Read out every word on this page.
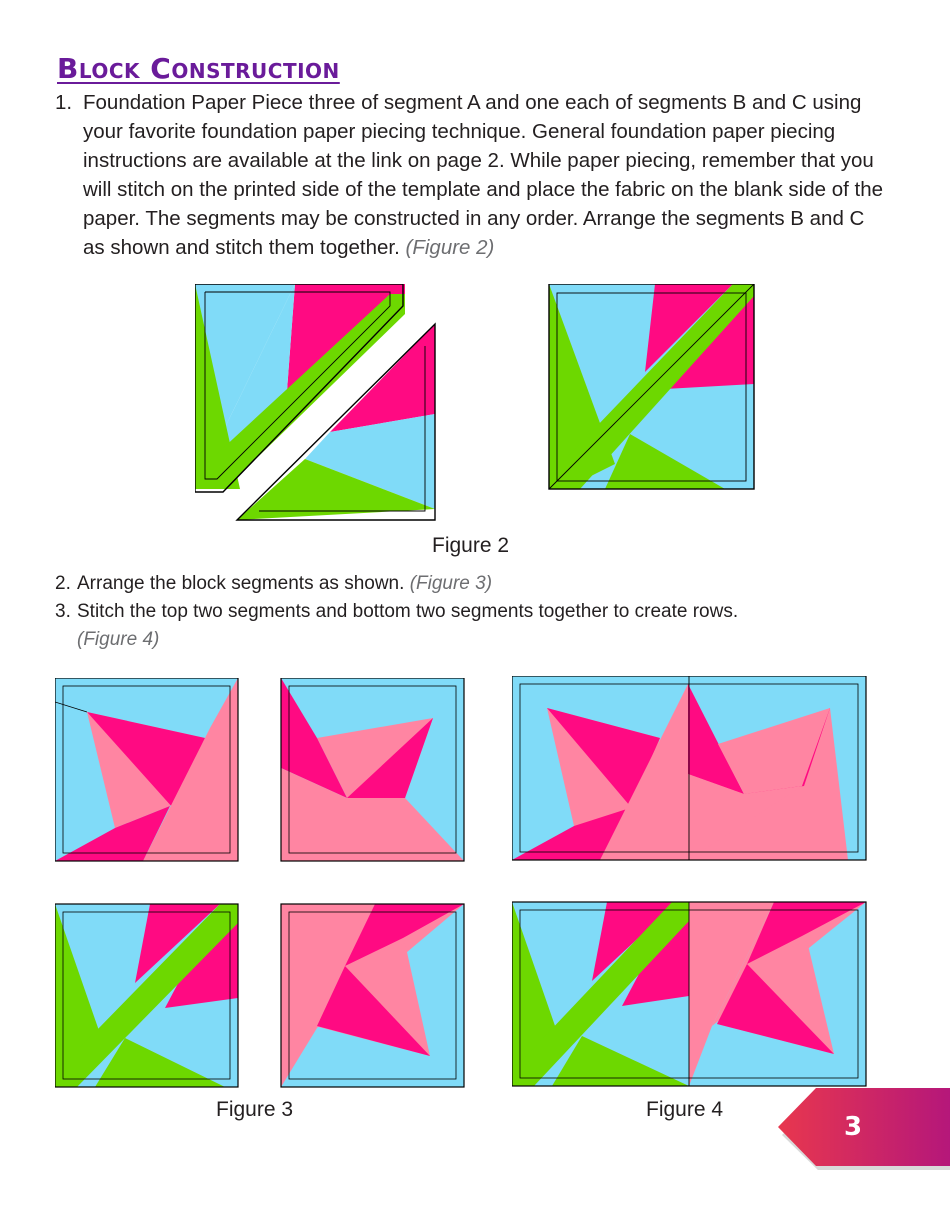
Block Construction
1. Foundation Paper Piece three of segment A and one each of segments B and C using your favorite foundation paper piecing technique. General foundation paper piecing instructions are available at the link on page 2. While paper piecing, remember that you will stitch on the printed side of the template and place the fabric on the blank side of the paper. The segments may be constructed in any order. Arrange the segments B and C as shown and stitch them together. (Figure 2)
Figure 2
2. Arrange the block segments as shown. (Figure 3)
3. Stitch the top two segments and bottom two segments together to create rows.
(Figure 4)
Figure 3	Figure 4
3
